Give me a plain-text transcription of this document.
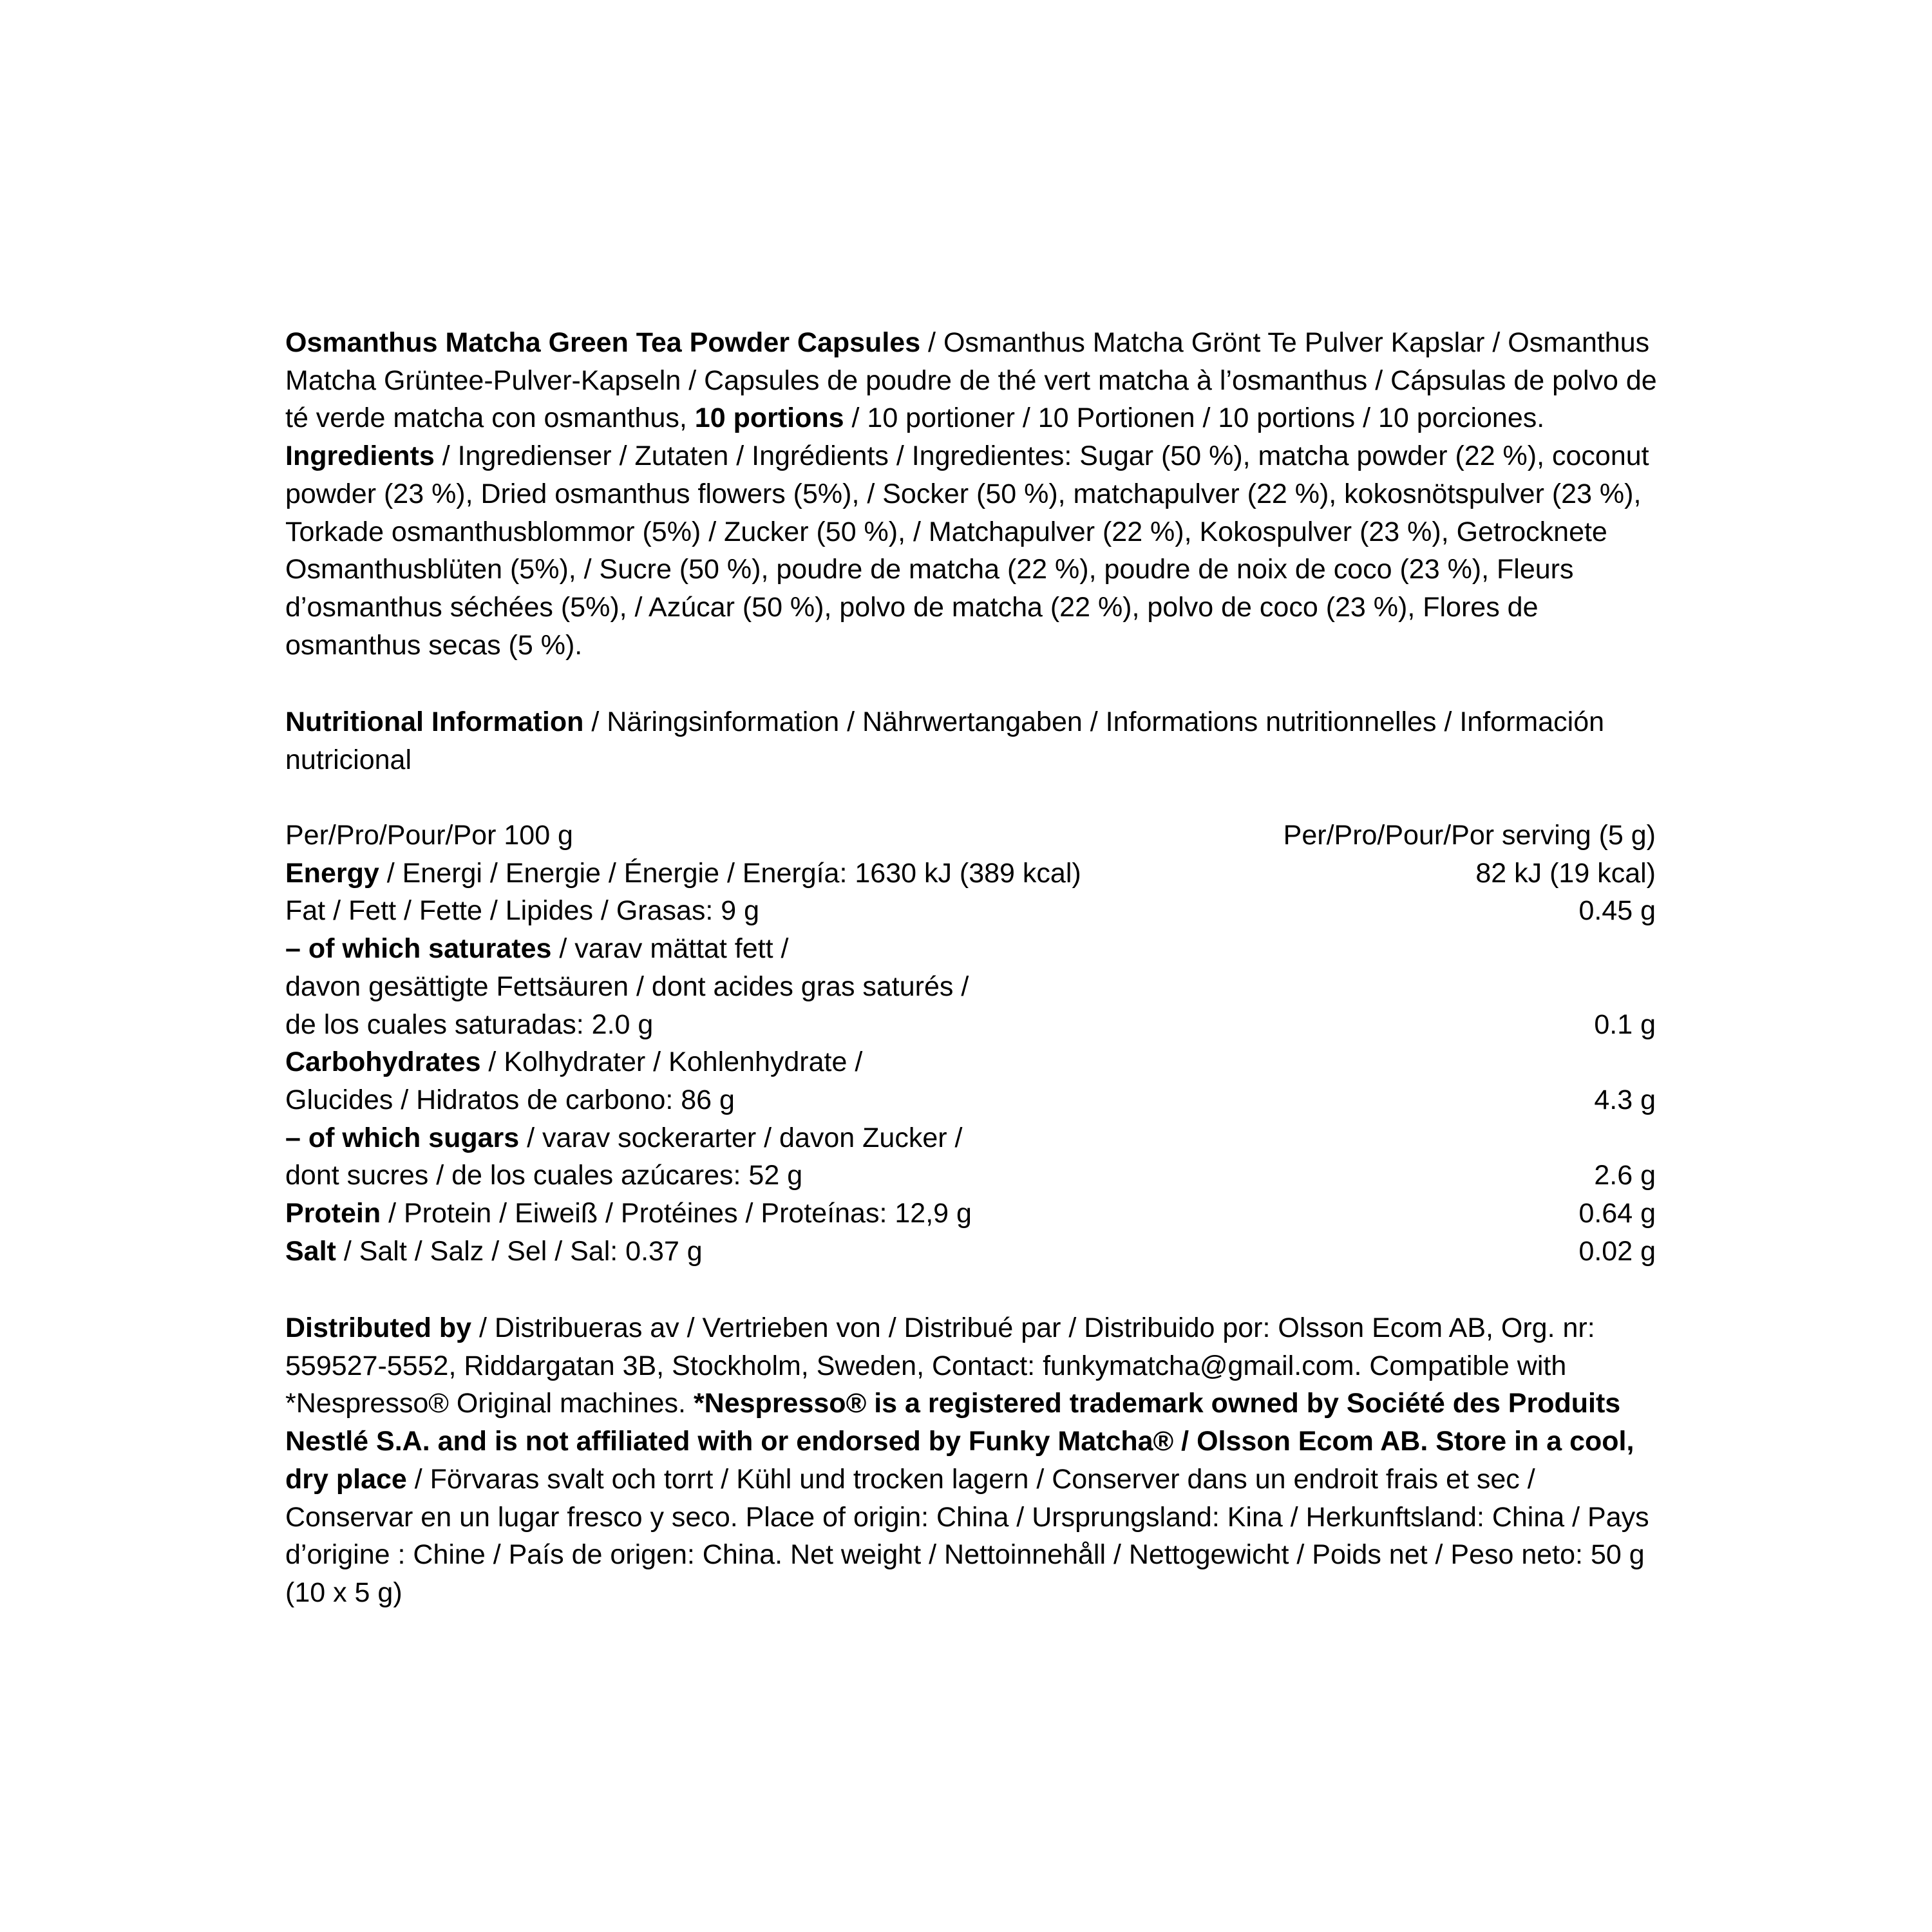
Osmanthus Matcha Green Tea Powder Capsules / Osmanthus Matcha Grönt Te Pulver Kapslar / Osmanthus Matcha Grüntee-Pulver-Kapseln / Capsules de poudre de thé vert matcha à l’osmanthus / Cápsulas de polvo de té verde matcha con osmanthus, 10 portions / 10 portioner / 10 Portionen / 10 portions / 10 porciones. Ingredients / Ingredienser / Zutaten / Ingrédients / Ingredientes: Sugar (50 %), matcha powder (22 %), coconut powder (23 %), Dried osmanthus flowers (5%), / Socker (50 %), matchapulver (22 %), kokosnötspulver (23 %), Torkade osmanthusblommor (5%) / Zucker (50 %), / Matchapulver (22 %), Kokospulver (23 %), Getrocknete Osmanthusblüten (5%), / Sucre (50 %), poudre de matcha (22 %), poudre de noix de coco (23 %), Fleurs d’osmanthus séchées (5%), / Azúcar (50 %), polvo de matcha (22 %), polvo de coco (23 %), Flores de osmanthus secas (5 %).

Nutritional Information / Näringsinformation / Nährwertangaben / Informations nutritionnelles / Información nutricional

Per/Pro/Pour/Por 100 g	Per/Pro/Pour/Por serving (5 g)
Energy / Energi / Energie / Énergie / Energía: 1630 kJ (389 kcal)	82 kJ (19 kcal)
Fat / Fett / Fette / Lipides / Grasas: 9 g	0.45 g
– of which saturates / varav mättat fett /
davon gesättigte Fettsäuren / dont acides gras saturés /
de los cuales saturadas: 2.0 g	0.1 g
Carbohydrates / Kolhydrater / Kohlenhydrate /
Glucides / Hidratos de carbono: 86 g	4.3 g
– of which sugars / varav sockerarter / davon Zucker /
dont sucres / de los cuales azúcares: 52 g	2.6 g
Protein / Protein / Eiweiß / Protéines / Proteínas: 12,9 g	0.64 g
Salt / Salt / Salz / Sel / Sal: 0.37 g	0.02 g

Distributed by / Distribueras av / Vertrieben von / Distribué par / Distribuido por: Olsson Ecom AB, Org. nr: 559527-5552, Riddargatan 3B, Stockholm, Sweden, Contact: funkymatcha@gmail.com. Compatible with *Nespresso® Original machines. *Nespresso® is a registered trademark owned by Société des Produits Nestlé S.A. and is not affiliated with or endorsed by Funky Matcha® / Olsson Ecom AB. Store in a cool, dry place / Förvaras svalt och torrt / Kühl und trocken lagern / Conserver dans un endroit frais et sec / Conservar en un lugar fresco y seco. Place of origin: China / Ursprungsland: Kina / Herkunftsland: China / Pays d’origine : Chine / País de origen: China. Net weight / Nettoinnehåll / Nettogewicht / Poids net / Peso neto: 50 g (10 x 5 g)
